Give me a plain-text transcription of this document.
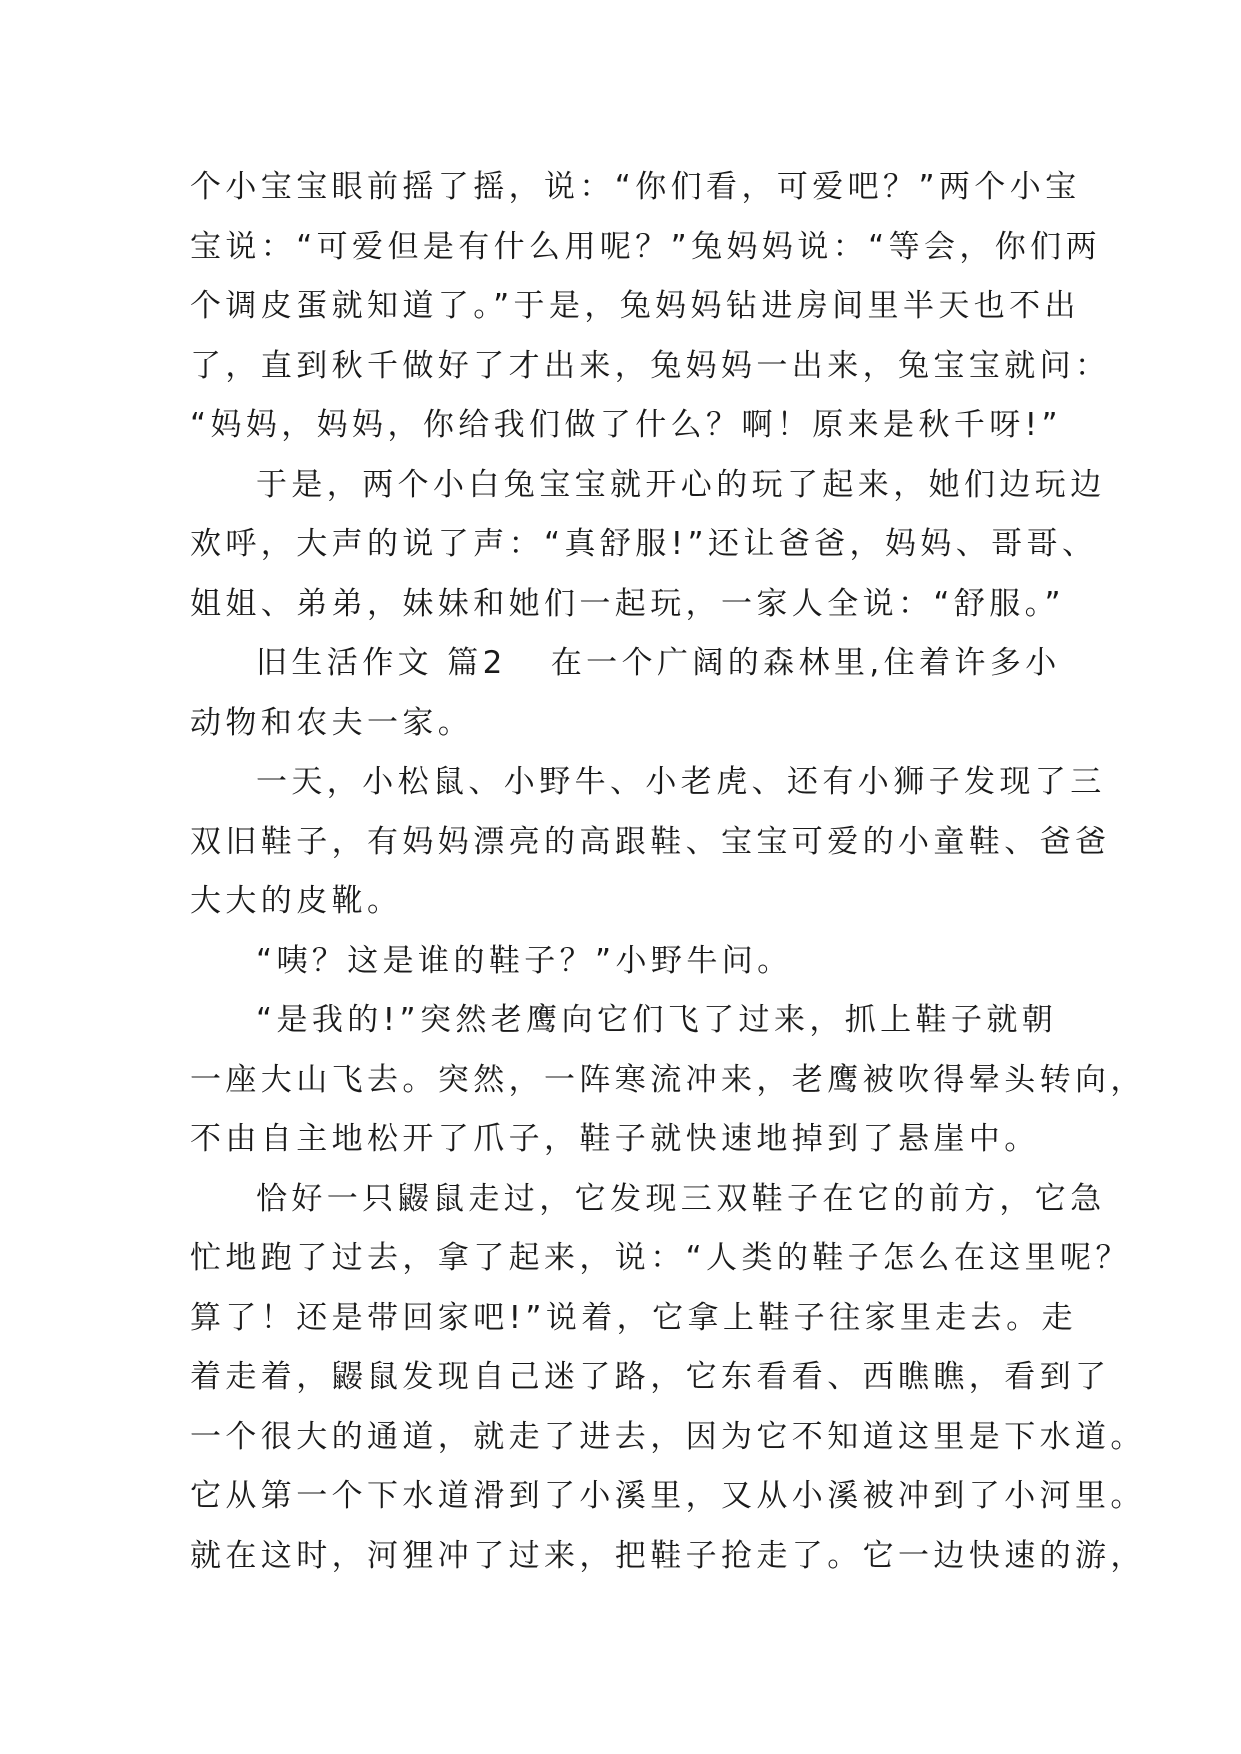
个小宝宝眼前摇了摇，说：“你们看，可爱吧？”两个小宝
宝说：“可爱但是有什么用呢？”兔妈妈说：“等会，你们两
个调皮蛋就知道了。”于是，兔妈妈钻进房间里半天也不出
了，直到秋千做好了才出来，兔妈妈一出来，兔宝宝就问：
“妈妈，妈妈，你给我们做了什么？啊！原来是秋千呀!”
于是，两个小白兔宝宝就开心的玩了起来，她们边玩边
欢呼，大声的说了声：“真舒服!”还让爸爸，妈妈、哥哥、
姐姐、弟弟，妹妹和她们一起玩，一家人全说：“舒服。”
旧生活作文 篇2 在一个广阔的森林里,住着许多小
动物和农夫一家。
一天，小松鼠、小野牛、小老虎、还有小狮子发现了三
双旧鞋子，有妈妈漂亮的高跟鞋、宝宝可爱的小童鞋、爸爸
大大的皮靴。
“咦？这是谁的鞋子？”小野牛问。
“是我的!”突然老鹰向它们飞了过来，抓上鞋子就朝
一座大山飞去。突然，一阵寒流冲来，老鹰被吹得晕头转向，
不由自主地松开了爪子，鞋子就快速地掉到了悬崖中。
恰好一只鼹鼠走过，它发现三双鞋子在它的前方，它急
忙地跑了过去，拿了起来，说：“人类的鞋子怎么在这里呢？
算了！还是带回家吧!”说着，它拿上鞋子往家里走去。走
着走着，鼹鼠发现自己迷了路，它东看看、西瞧瞧，看到了
一个很大的通道，就走了进去，因为它不知道这里是下水道。
它从第一个下水道滑到了小溪里，又从小溪被冲到了小河里。
就在这时，河狸冲了过来，把鞋子抢走了。它一边快速的游，
